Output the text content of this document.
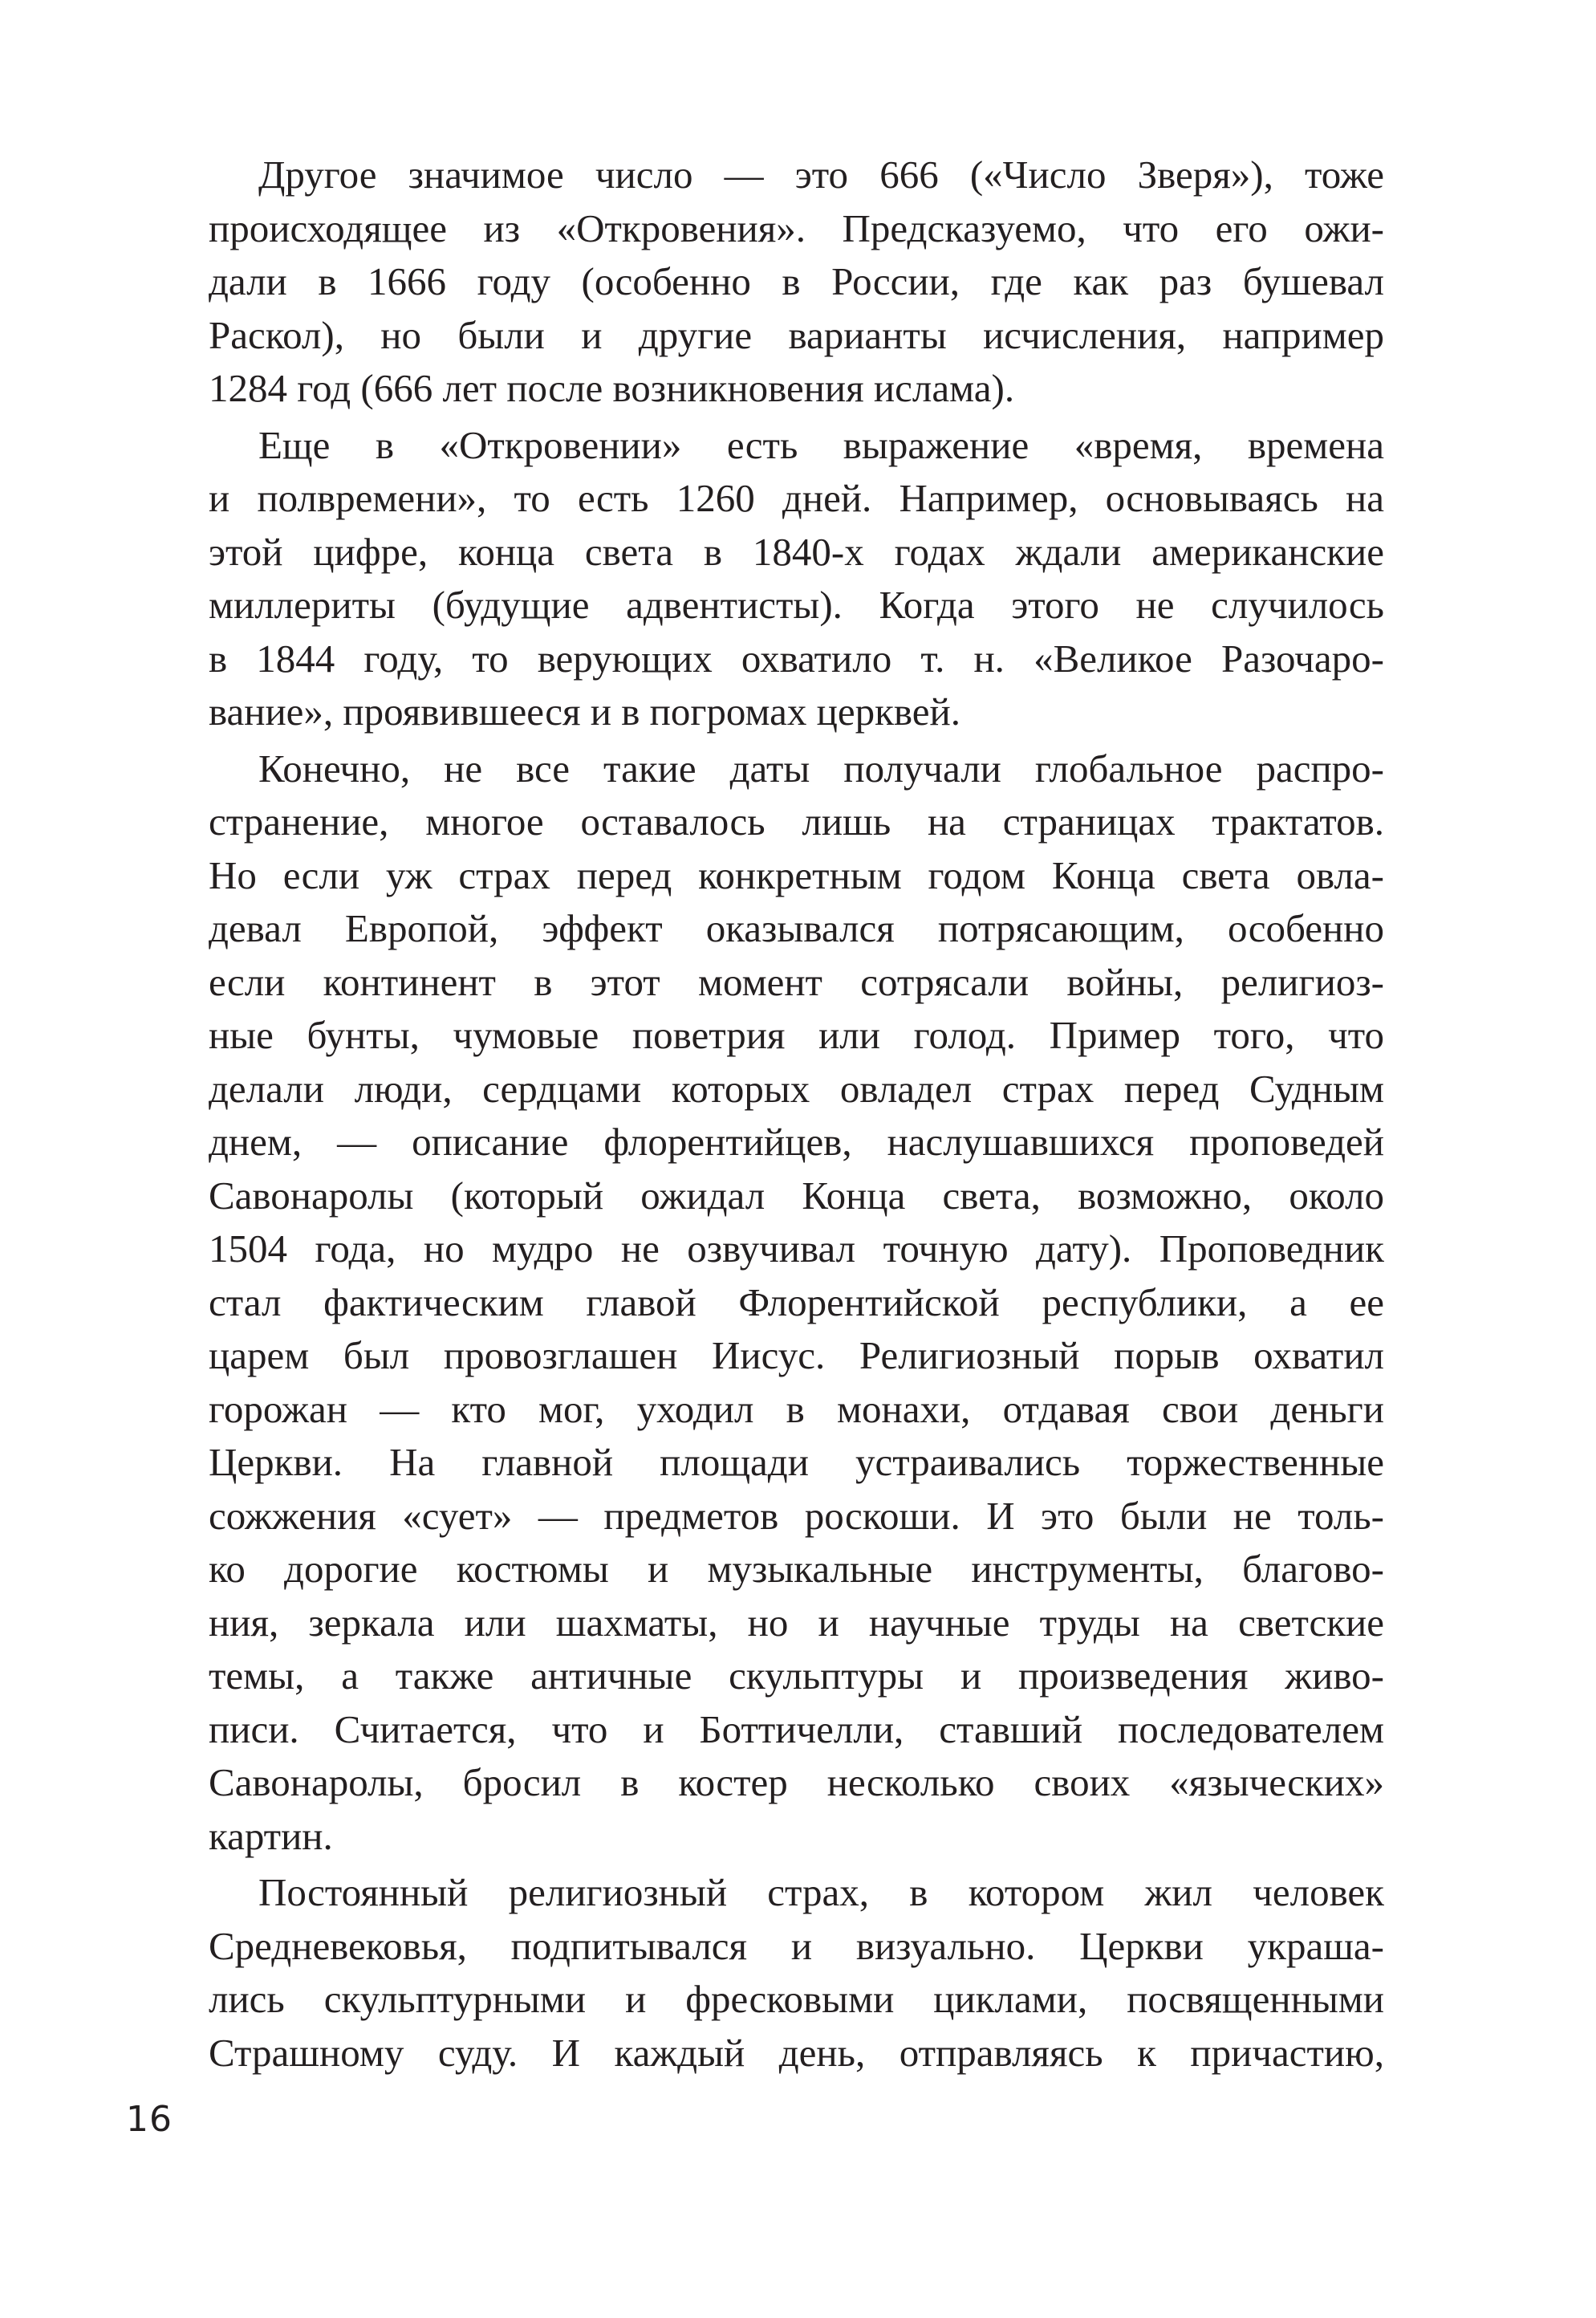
Другое значимое число — это 666 («Число Зверя»), тоже
происходящее из «Откровения». Предсказуемо, что его ожи-
дали в 1666 году (особенно в России, где как раз бушевал
Раскол), но были и другие варианты исчисления, например
1284 год (666 лет после возникновения ислама).
Еще в «Откровении» есть выражение «время, времена
и полвремени», то есть 1260 дней. Например, основываясь на
этой цифре, конца света в 1840-х годах ждали американские
миллериты (будущие адвентисты). Когда этого не случилось
в 1844 году, то верующих охватило т. н. «Великое Разочаро-
вание», проявившееся и в погромах церквей.
Конечно, не все такие даты получали глобальное распро-
странение, многое оставалось лишь на страницах трактатов.
Но если уж страх перед конкретным годом Конца света овла-
девал Европой, эффект оказывался потрясающим, особенно
если континент в этот момент сотрясали войны, религиоз-
ные бунты, чумовые поветрия или голод. Пример того, что
делали люди, сердцами которых овладел страх перед Судным
днем, — описание флорентийцев, наслушавшихся проповедей
Савонаролы (который ожидал Конца света, возможно, около
1504 года, но мудро не озвучивал точную дату). Проповедник
стал фактическим главой Флорентийской республики, а ее
царем был провозглашен Иисус. Религиозный порыв охватил
горожан — кто мог, уходил в монахи, отдавая свои деньги
Церкви. На главной площади устраивались торжественные
сожжения «сует» — предметов роскоши. И это были не толь-
ко дорогие костюмы и музыкальные инструменты, благово-
ния, зеркала или шахматы, но и научные труды на светские
темы, а также античные скульптуры и произведения живо-
писи. Считается, что и Боттичелли, ставший последователем
Савонаролы, бросил в костер несколько своих «языческих»
картин.
Постоянный религиозный страх, в котором жил человек
Средневековья, подпитывался и визуально. Церкви украша-
лись скульптурными и фресковыми циклами, посвященными
Страшному суду. И каждый день, отправляясь к причастию,
16
